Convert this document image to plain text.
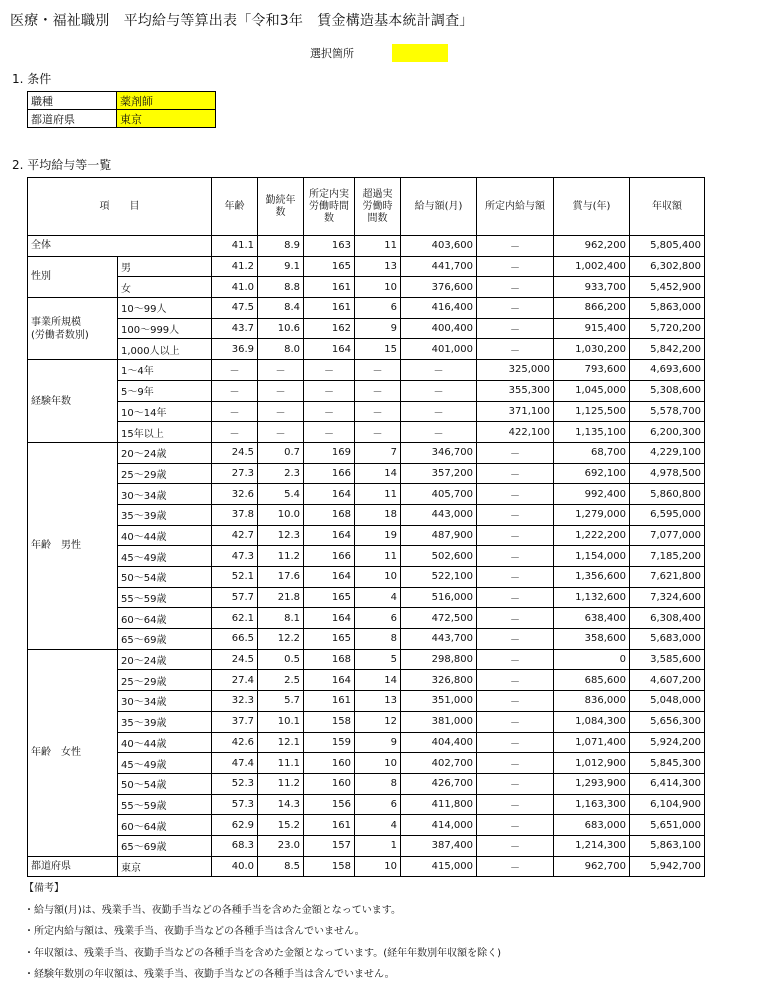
医療・福祉職別　平均給与等算出表「令和3年　賃金構造基本統計調査」
選択箇所
1. 条件
職種	薬剤師
都道府県	東京
2. 平均給与等一覧
項　　目		年齢	勤続年数	所定内実労働時間数	超過実労働時間数	給与額(月)	所定内給与額	賞与(年)	年収額
全体		41.1	8.9	163	11	403,600	－	962,200	5,805,400
性別	男	41.2	9.1	165	13	441,700	－	1,002,400	6,302,800
	女	41.0	8.8	161	10	376,600	－	933,700	5,452,900
事業所規模
(労働者数別)	10～99人	47.5	8.4	161	6	416,400	－	866,200	5,863,000
	100～999人	43.7	10.6	162	9	400,400	－	915,400	5,720,200
	1,000人以上	36.9	8.0	164	15	401,000	－	1,030,200	5,842,200
経験年数	1～4年	－	－	－	－	－	325,000	793,600	4,693,600
	5～9年	－	－	－	－	－	355,300	1,045,000	5,308,600
	10～14年	－	－	－	－	－	371,100	1,125,500	5,578,700
	15年以上	－	－	－	－	－	422,100	1,135,100	6,200,300
年齢　男性	20～24歳	24.5	0.7	169	7	346,700	－	68,700	4,229,100
	25～29歳	27.3	2.3	166	14	357,200	－	692,100	4,978,500
	30～34歳	32.6	5.4	164	11	405,700	－	992,400	5,860,800
	35～39歳	37.8	10.0	168	18	443,000	－	1,279,000	6,595,000
	40～44歳	42.7	12.3	164	19	487,900	－	1,222,200	7,077,000
	45～49歳	47.3	11.2	166	11	502,600	－	1,154,000	7,185,200
	50～54歳	52.1	17.6	164	10	522,100	－	1,356,600	7,621,800
	55～59歳	57.7	21.8	165	4	516,000	－	1,132,600	7,324,600
	60～64歳	62.1	8.1	164	6	472,500	－	638,400	6,308,400
	65～69歳	66.5	12.2	165	8	443,700	－	358,600	5,683,000
年齢　女性	20～24歳	24.5	0.5	168	5	298,800	－	0	3,585,600
	25～29歳	27.4	2.5	164	14	326,800	－	685,600	4,607,200
	30～34歳	32.3	5.7	161	13	351,000	－	836,000	5,048,000
	35～39歳	37.7	10.1	158	12	381,000	－	1,084,300	5,656,300
	40～44歳	42.6	12.1	159	9	404,400	－	1,071,400	5,924,200
	45～49歳	47.4	11.1	160	10	402,700	－	1,012,900	5,845,300
	50～54歳	52.3	11.2	160	8	426,700	－	1,293,900	6,414,300
	55～59歳	57.3	14.3	156	6	411,800	－	1,163,300	6,104,900
	60～64歳	62.9	15.2	161	4	414,000	－	683,000	5,651,000
	65～69歳	68.3	23.0	157	1	387,400	－	1,214,300	5,863,100
都道府県	東京	40.0	8.5	158	10	415,000	－	962,700	5,942,700
【備考】
・給与額(月)は、残業手当、夜勤手当などの各種手当を含めた金額となっています。
・所定内給与額は、残業手当、夜勤手当などの各種手当は含んでいません。
・年収額は、残業手当、夜勤手当などの各種手当を含めた金額となっています。(経年年数別年収額を除く)
・経験年数別の年収額は、残業手当、夜勤手当などの各種手当は含んでいません。
